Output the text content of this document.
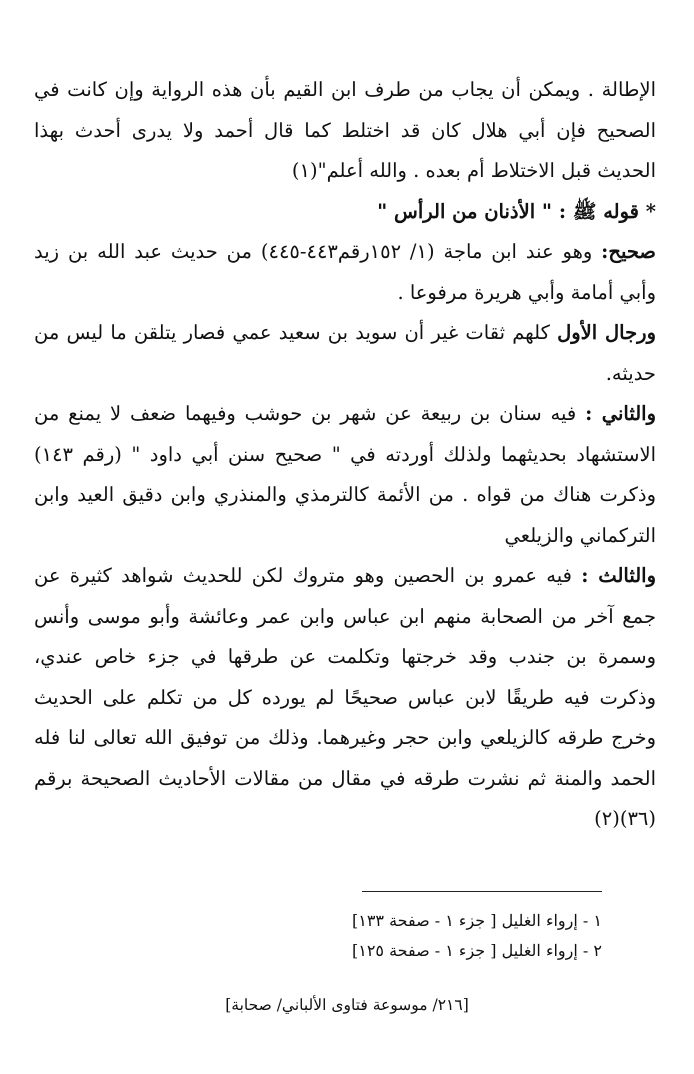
الإطالة . ويمكن أن يجاب من طرف ابن القيم بأن هذه الرواية وإن كانت في الصحيح فإن أبي هلال كان قد اختلط كما قال أحمد ولا يدرى أحدث بهذا الحديث قبل الاختلاط أم بعده . والله أعلم"(١)

* قوله ﷺ : " الأذنان من الرأس "

صحيح: وهو عند ابن ماجة (١/ ١٥٢رقم٤٤٣-٤٤٥) من حديث عبد الله بن زيد وأبي أمامة وأبي هريرة مرفوعا .

ورجال الأول كلهم ثقات غير أن سويد بن سعيد عمي فصار يتلقن ما ليس من حديثه.

والثاني : فيه سنان بن ربيعة عن شهر بن حوشب وفيهما ضعف لا يمنع من الاستشهاد بحديثهما ولذلك أوردته في " صحيح سنن أبي داود " (رقم ١٤٣) وذكرت هناك من قواه . من الأئمة كالترمذي والمنذري وابن دقيق العيد وابن التركماني والزيلعي

والثالث : فيه عمرو بن الحصين وهو متروك لكن للحديث شواهد كثيرة عن جمع آخر من الصحابة منهم ابن عباس وابن عمر وعائشة وأبو موسى وأنس وسمرة بن جندب وقد خرجتها وتكلمت عن طرقها في جزء خاص عندي، وذكرت فيه طريقًا لابن عباس صحيحًا لم يورده كل من تكلم على الحديث وخرج طرقه كالزيلعي وابن حجر وغيرهما. وذلك من توفيق الله تعالى لنا فله الحمد والمنة ثم نشرت طرقه في مقال من مقالات الأحاديث الصحيحة برقم (٣٦)(٢)

١ - إرواء الغليل [ جزء ١ - صفحة ١٣٣]
٢ - إرواء الغليل [ جزء ١ - صفحة ١٢٥]
[٢١٦/ موسوعة فتاوى الألباني/ صحابة]
